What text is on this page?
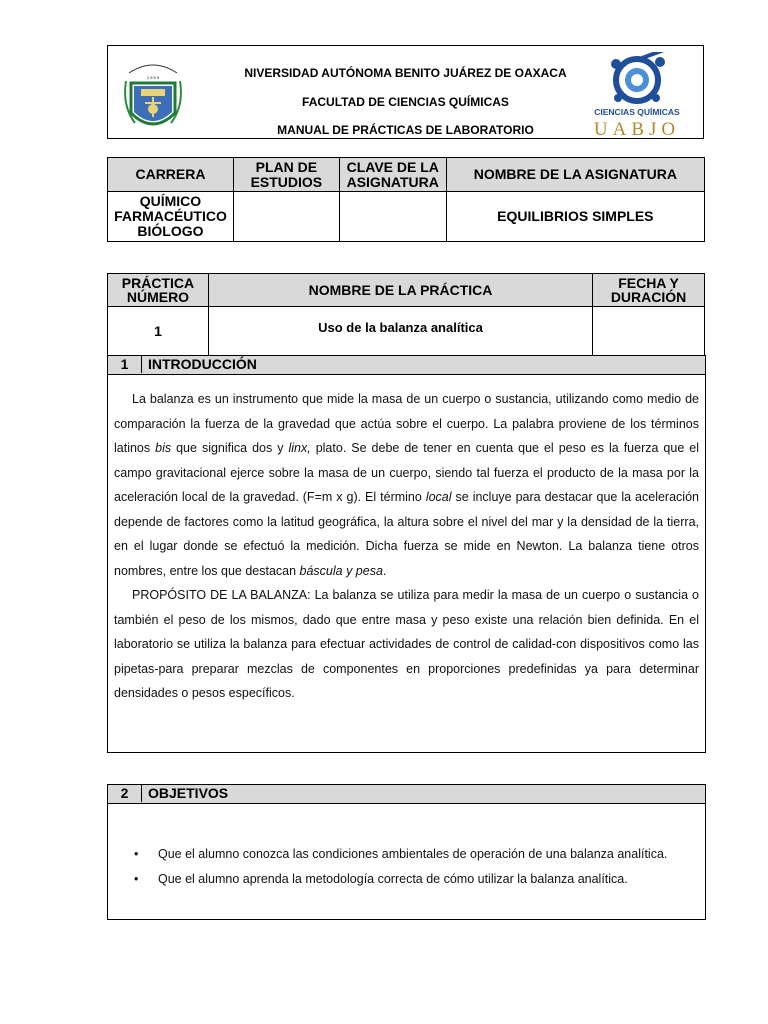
1 9 5 5	NIVERSIDAD AUTÓNOMA BENITO JUÁREZ DE OAXACA
FACULTAD DE CIENCIAS QUÍMICAS
MANUAL DE PRÁCTICAS DE LABORATORIO
CIENCIAS QUÍMICAS
UABJO
CARRERA	PLAN DE ESTUDIOS	CLAVE DE LA ASIGNATURA	NOMBRE DE LA ASIGNATURA
QUÍMICO FARMACÉUTICO BIÓLOGO			EQUILIBRIOS SIMPLES
PRÁCTICA NÚMERO	NOMBRE DE LA PRÁCTICA	FECHA Y DURACIÓN
1	Uso de la balanza analítica	
1	INTRODUCCIÓN

La balanza es un instrumento que mide la masa de un cuerpo o sustancia, utilizando como medio de comparación la fuerza de la gravedad que actúa sobre el cuerpo. La palabra proviene de los términos latinos bis que significa dos y linx, plato. Se debe de tener en cuenta que el peso es la fuerza que el campo gravitacional ejerce sobre la masa de un cuerpo, siendo tal fuerza el producto de la masa por la aceleración local de la gravedad. (F=m x g). El término local se incluye para destacar que la aceleración depende de factores como la latitud geográfica, la altura sobre el nivel del mar y la densidad de la tierra, en el lugar donde se efectuó la medición. Dicha fuerza se mide en Newton. La balanza tiene otros nombres, entre los que destacan báscula y pesa.

PROPÓSITO DE LA BALANZA: La balanza se utiliza para medir la masa de un cuerpo o sustancia o también el peso de los mismos, dado que entre masa y peso existe una relación bien definida. En el laboratorio se utiliza la balanza para efectuar actividades de control de calidad-con dispositivos como las pipetas-para preparar mezclas de componentes en proporciones predefinidas ya para determinar densidades o pesos específicos.

2	OBJETIVOS
• Que el alumno conozca las condiciones ambientales de operación de una balanza analítica.
• Que el alumno aprenda la metodología correcta de cómo utilizar la balanza analítica.
